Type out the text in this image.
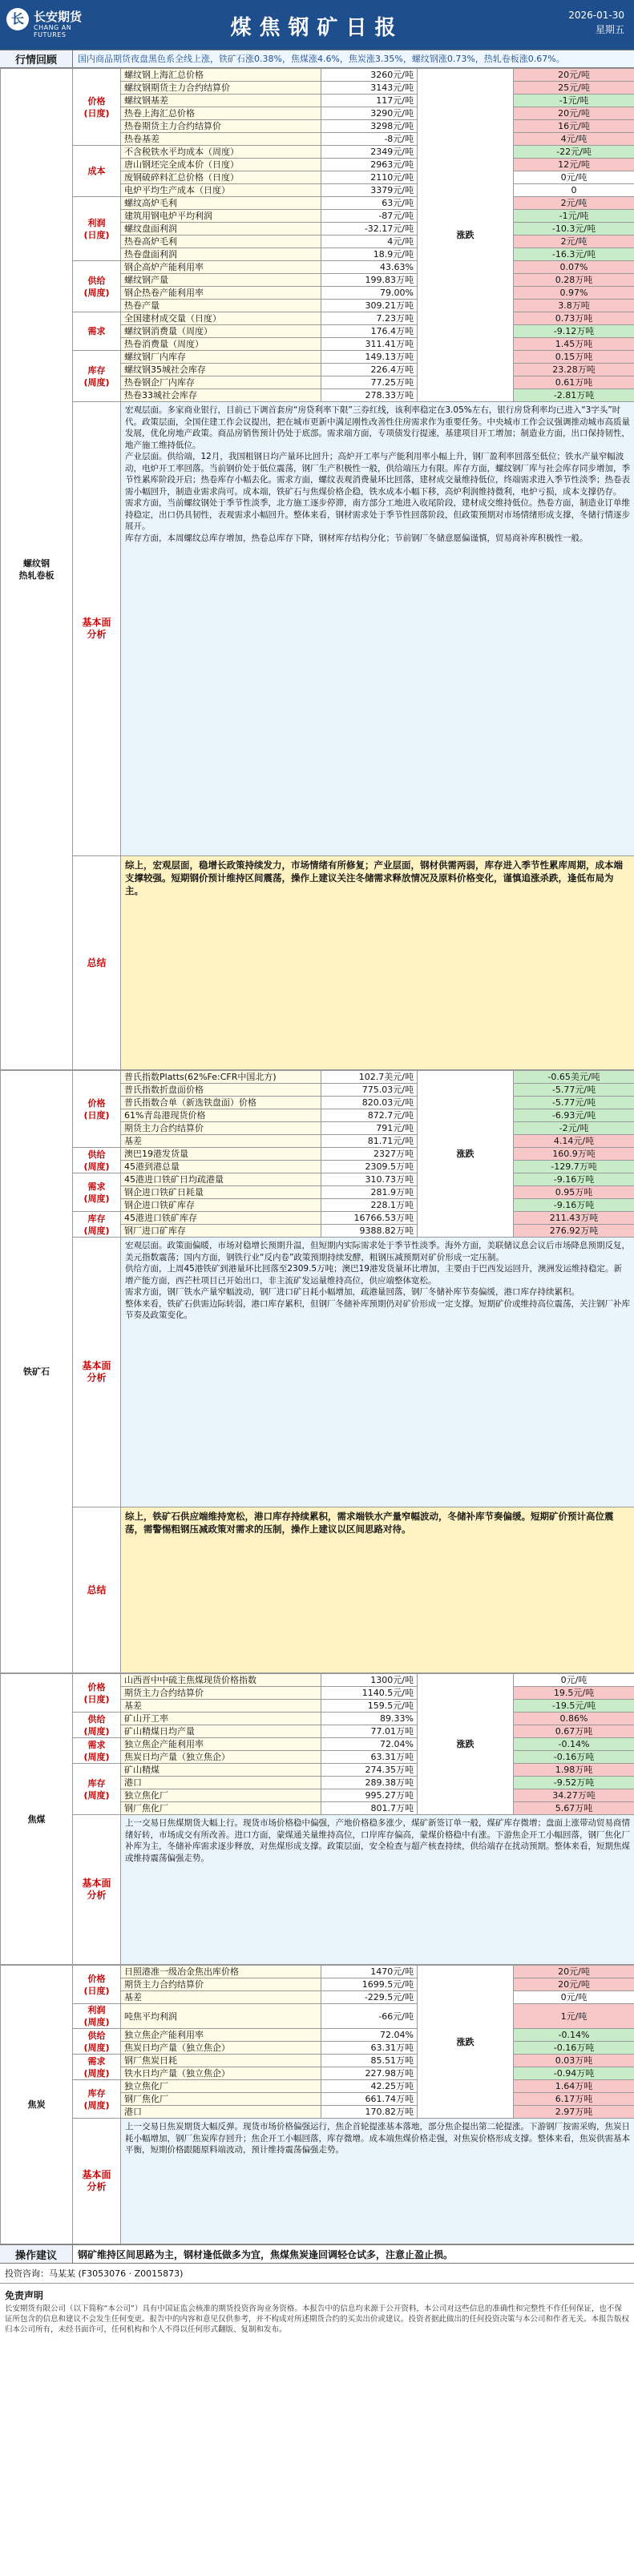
长 长安期货
CHANG AN FUTURES	煤焦钢矿日报
2026-01-30
星期五
行情回顾	国内商品期货夜盘黑色系全线上涨，铁矿石涨0.38%，焦煤涨4.6%，焦炭涨3.35%，螺纹钢涨0.73%，热轧卷板涨0.67%。
螺纹钢
热轧卷板	价格
(日度)	螺纹钢上海汇总价格	3260元/吨	涨跌	20元/吨
		螺纹钢期货主力合约结算价	3143元/吨		25元/吨
		螺纹钢基差	117元/吨		-1元/吨
		热卷上海汇总价格	3290元/吨		20元/吨
		热卷期货主力合约结算价	3298元/吨		16元/吨
		热卷基差	-8元/吨		4元/吨
	成本	不含税铁水平均成本（周度）	2349元/吨		-22元/吨
		唐山钢坯完全成本价（日度）	2963元/吨		12元/吨
		废钢破碎料汇总价格（日度）	2110元/吨		0元/吨
		电炉平均生产成本（日度）	3379元/吨		0
	利润
(日度)	螺纹高炉毛利	63元/吨		2元/吨
		建筑用钢电炉平均利润	-87元/吨		-1元/吨
		螺纹盘面利润	-32.17元/吨		-10.3元/吨
		热卷高炉毛利	4元/吨		2元/吨
		热卷盘面利润	18.9元/吨		-16.3元/吨
	供给
(周度)	钢企高炉产能利用率	43.63%		0.07%
		螺纹钢产量	199.83万吨		0.28万吨
		钢企热卷产能利用率	79.00%		0.97%
		热卷产量	309.21万吨		3.8万吨
	需求	全国建材成交量（日度）	7.23万吨		0.73万吨
		螺纹钢消费量（周度）	176.4万吨		-9.12万吨
		热卷消费量（周度）	311.41万吨		1.45万吨
	库存
(周度)	螺纹钢厂内库存	149.13万吨		0.15万吨
		螺纹钢35城社会库存	226.4万吨		23.28万吨
		热卷钢企厂内库存	77.25万吨		0.61万吨
		热卷33城社会库存	278.33万吨		-2.81万吨
	基本面
分析	宏观层面。多家商业银行，目前已下调首套房“房贷利率下限”三券红线，该利率稳定在3.05%左右，银行房贷利率均已进入“3字头”时代。政策层面，全国住建工作会议提出，把在城市更新中满足刚性改善性住房需求作为重要任务。中央城市工作会议强调推动城市高质量发展，优化房地产政策。商品房销售预计仍处于底部。需求端方面，专项债发行提速，基建项目开工增加；制造业方面，出口保持韧性，地产施工维持低位。
产业层面。供给端，12月，我国粗钢日均产量环比回升；高炉开工率与产能利用率小幅上升，钢厂盈利率回落至低位；铁水产量窄幅波动，电炉开工率回落。当前钢价处于低位震荡，钢厂生产积极性一般，供给端压力有限。库存方面，螺纹钢厂库与社会库存同步增加，季节性累库阶段开启；热卷库存小幅去化。需求方面，螺纹表观消费量环比回落，建材成交量维持低位，终端需求进入季节性淡季；热卷表需小幅回升，制造业需求尚可。成本端，铁矿石与焦煤价格企稳，铁水成本小幅下移，高炉利润维持微利，电炉亏损，成本支撑仍存。
需求方面，当前螺纹钢处于季节性淡季，北方施工逐步停滞，南方部分工地进入收尾阶段，建材成交维持低位。热卷方面，制造业订单维持稳定，出口仍具韧性，表观需求小幅回升。整体来看，钢材需求处于季节性回落阶段，但政策预期对市场情绪形成支撑，冬储行情逐步展开。
库存方面，本周螺纹总库存增加，热卷总库存下降，钢材库存结构分化；节前钢厂冬储意愿偏谨慎，贸易商补库积极性一般。			
	总结	综上，宏观层面，稳增长政策持续发力，市场情绪有所修复；产业层面，钢材供需两弱，库存进入季节性累库周期，成本端支撑较强。短期钢价预计维持区间震荡，操作上建议关注冬储需求释放情况及原料价格变化，谨慎追涨杀跌，逢低布局为主。			
铁矿石	价格
(日度)	普氏指数Platts(62%Fe:CFR中国北方)	102.7美元/吨	涨跌	-0.65美元/吨
		普氏指数折盘面价格	775.03元/吨		-5.77元/吨
		普氏指数合单（新选铁盘面）价格	820.03元/吨		-5.77元/吨
		61%青岛港现货价格	872.7元/吨		-6.93元/吨
		期货主力合约结算价	791元/吨		-2元/吨
		基差	81.71元/吨		4.14元/吨
	供给
(周度)	澳巴19港发货量	2327万吨		160.9万吨
		45港到港总量	2309.5万吨		-129.7万吨
	需求
(周度)	45港进口铁矿日均疏港量	310.73万吨		-9.16万吨
		钢企进口铁矿日耗量	281.9万吨		0.95万吨
		钢企进口铁矿库存	228.1万吨		-9.16万吨
	库存
(周度)	45港进口铁矿库存	16766.53万吨		211.43万吨
		钢厂进口矿库存	9388.82万吨		276.92万吨
	基本面
分析	宏观层面。政策面偏暖，市场对稳增长预期升温，但短期内实际需求处于季节性淡季。海外方面，美联储议息会议后市场降息预期反复，美元指数震荡；国内方面，钢铁行业“反内卷”政策预期持续发酵，粗钢压减预期对矿价形成一定压制。
供给方面，上周45港铁矿到港量环比回落至2309.5万吨；澳巴19港发货量环比增加，主要由于巴西发运回升，澳洲发运维持稳定。新增产能方面，西芒杜项目已开始出口，非主流矿发运量维持高位，供应端整体宽松。
需求方面，钢厂铁水产量窄幅波动，钢厂进口矿日耗小幅增加，疏港量回落，钢厂冬储补库节奏偏缓，港口库存持续累积。
整体来看，铁矿石供需边际转弱，港口库存累积，但钢厂冬储补库预期仍对矿价形成一定支撑。短期矿价或维持高位震荡，关注钢厂补库节奏及政策变化。			
	总结	综上，铁矿石供应端维持宽松，港口库存持续累积，需求端铁水产量窄幅波动，冬储补库节奏偏缓。短期矿价预计高位震荡，需警惕粗钢压减政策对需求的压制，操作上建议以区间思路对待。			
焦煤	价格
(日度)	山西晋中中硫主焦煤现货价格指数	1300元/吨	涨跌	0元/吨
		期货主力合约结算价	1140.5元/吨		19.5元/吨
		基差	159.5元/吨		-19.5元/吨
	供给
(周度)	矿山开工率	89.33%		0.86%
		矿山精煤日均产量	77.01万吨		0.67万吨
	需求
(周度)	独立焦企产能利用率	72.04%		-0.14%
		焦炭日均产量（独立焦企）	63.31万吨		-0.16万吨
	库存
(周度)	矿山精煤	274.35万吨		1.98万吨
		港口	289.38万吨		-9.52万吨
		独立焦化厂	995.27万吨		34.27万吨
		钢厂焦化厂	801.7万吨		5.67万吨
	基本面
分析	上一交易日焦煤期货大幅上行。现货市场价格稳中偏强，产地价格稳多涨少，煤矿新签订单一般，煤矿库存微增；盘面上涨带动贸易商情绪好转，市场成交有所改善。进口方面，蒙煤通关量维持高位，口岸库存偏高，蒙煤价格稳中有涨。下游焦企开工小幅回落，钢厂焦化厂补库为主，冬储补库需求逐步释放，对焦煤形成支撑。政策层面，安全检查与超产核查持续，供给端存在扰动预期。整体来看，短期焦煤或维持震荡偏强走势。			
焦炭	价格
(日度)	日照港准一级冶金焦出库价格	1470元/吨	涨跌	20元/吨
		期货主力合约结算价	1699.5元/吨		20元/吨
		基差	-229.5元/吨		0元/吨
	利润
(周度)	吨焦平均利润	-66元/吨		1元/吨
	供给
(周度)	独立焦企产能利用率	72.04%		-0.14%
		焦炭日均产量（独立焦企）	63.31万吨		-0.16万吨
	需求
(周度)	钢厂焦炭日耗	85.51万吨		0.03万吨
		铁水日均产量（独立焦企）	227.98万吨		-0.94万吨
	库存
(周度)	独立焦化厂	42.25万吨		1.64万吨
		钢厂焦化厂	661.74万吨		6.17万吨
		港口	170.82万吨		2.97万吨
	基本面
分析	上一交易日焦炭期货大幅反弹。现货市场价格偏强运行，焦企首轮提涨基本落地，部分焦企提出第二轮提涨。下游钢厂按需采购，焦炭日耗小幅增加，钢厂焦炭库存回升；焦企开工小幅回落，库存微增。成本端焦煤价格走强，对焦炭价格形成支撑。整体来看，焦炭供需基本平衡，短期价格跟随原料端波动，预计维持震荡偏强走势。			
操作建议	钢矿维持区间思路为主，钢材逢低做多为宜，焦煤焦炭逢回调轻仓试多，注意止盈止损。
投资咨询：马某某 (F3053076 · Z0015873)
免责声明
长安期货有限公司（以下简称“本公司”）具有中国证监会核准的期货投资咨询业务资格。本报告中的信息均来源于公开资料，本公司对这些信息的准确性和完整性不作任何保证，也不保证所包含的信息和建议不会发生任何变更。报告中的内容和意见仅供参考，并不构成对所述期货合约的买卖出价或建议。投资者据此做出的任何投资决策与本公司和作者无关。本报告版权归本公司所有，未经书面许可，任何机构和个人不得以任何形式翻版、复制和发布。
